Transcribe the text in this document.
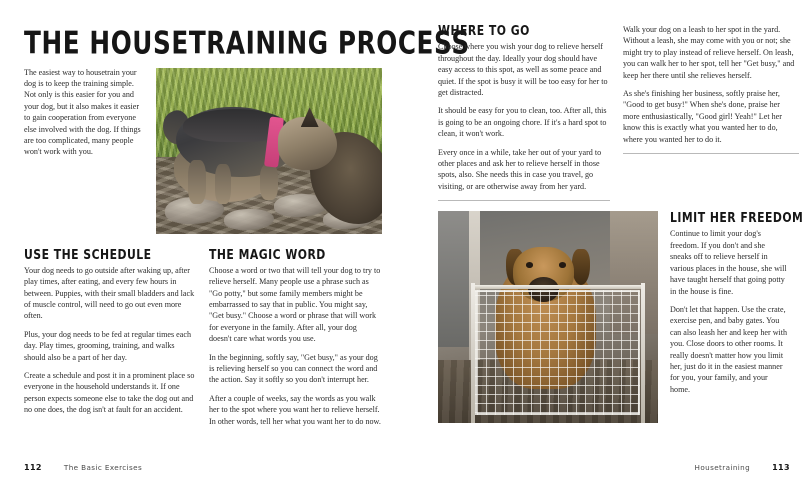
THE HOUSETRAINING PROCESS

The easiest way to housetrain your dog is to keep the training simple. Not only is this easier for you and your dog, but it also makes it easier to gain cooperation from everyone else involved with the dog. If things are too complicated, many people won't work with you.

USE THE SCHEDULE

Your dog needs to go outside after waking up, after play times, after eating, and every few hours in between. Puppies, with their small bladders and lack of muscle control, will need to go out even more often.

Plus, your dog needs to be fed at regular times each day. Play times, grooming, training, and walks should also be a part of her day.

Create a schedule and post it in a prominent place so everyone in the household understands it. If one person expects someone else to take the dog out and no one does, the dog isn't at fault for an accident.

THE MAGIC WORD

Choose a word or two that will tell your dog to try to relieve herself. Many people use a phrase such as "Go potty," but some family members might be embarrassed to say that in public. You might say, "Get busy." Choose a word or phrase that will work for everyone in the family. After all, your dog doesn't care what words you use.

In the beginning, softly say, "Get busy," as your dog is relieving herself so you can connect the word and the action. Say it softly so you don't interrupt her.

After a couple of weeks, say the words as you walk her to the spot where you want her to relieve herself. In other words, tell her what you want her to do now.

112	The Basic Exercises
WHERE TO GO

Choose where you wish your dog to relieve herself throughout the day. Ideally your dog should have easy access to this spot, as well as some peace and quiet. If the spot is busy it will be too easy for her to get distracted.

It should be easy for you to clean, too. After all, this is going to be an ongoing chore. If it's a hard spot to clean, it won't work.

Every once in a while, take her out of your yard to other places and ask her to relieve herself in those spots, also. She needs this in case you travel, go visiting, or are otherwise away from her yard.

Walk your dog on a leash to her spot in the yard. Without a leash, she may come with you or not; she might try to play instead of relieve herself. On leash, you can walk her to her spot, tell her "Get busy," and keep her there until she relieves herself.

As she's finishing her business, softly praise her, "Good to get busy!" When she's done, praise her more enthusiastically, "Good girl! Yeah!" Let her know this is exactly what you wanted her to do, where you wanted her to do it.

LIMIT HER FREEDOM

Continue to limit your dog's freedom. If you don't and she sneaks off to relieve herself in various places in the house, she will have taught herself that going potty in the house is fine.

Don't let that happen. Use the crate, exercise pen, and baby gates. You can also leash her and keep her with you. Close doors to other rooms. It really doesn't matter how you limit her, just do it in the easiest manner for you, your family, and your home.

Housetraining	113
